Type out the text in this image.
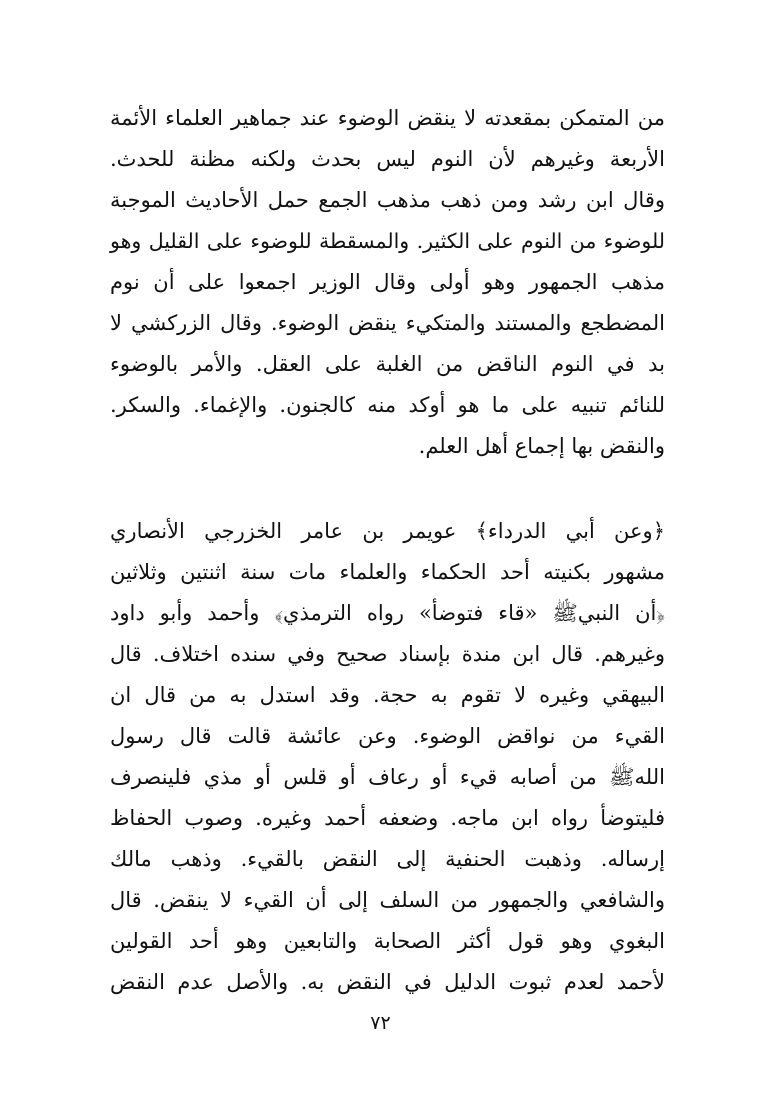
من المتمكن بمقعدته لا ينقض الوضوء عند جماهير العلماء الأئمة
الأربعة وغيرهم لأن النوم ليس بحدث ولكنه مظنة للحدث.
وقال ابن رشد ومن ذهب مذهب الجمع حمل الأحاديث الموجبة
للوضوء من النوم على الكثير. والمسقطة للوضوء على القليل وهو
مذهب الجمهور وهو أولى وقال الوزير اجمعوا على أن نوم
المضطجع والمستند والمتكيء ينقض الوضوء. وقال الزركشي لا
بد في النوم الناقض من الغلبة على العقل. والأمر بالوضوء
للنائم تنبيه على ما هو أوكد منه كالجنون. والإغماء. والسكر.
والنقض بها إجماع أهل العلم.
﴿وعن أبي الدرداء﴾ عويمر بن عامر الخزرجي الأنصاري
مشهور بكنيته أحد الحكماء والعلماء مات سنة اثنتين وثلاثين
﴿أن النبيﷺ «قاء فتوضأ» رواه الترمذي﴾ وأحمد وأبو داود
وغيرهم. قال ابن مندة بإسناد صحيح وفي سنده اختلاف. قال
البيهقي وغيره لا تقوم به حجة. وقد استدل به من قال ان
القيء من نواقض الوضوء. وعن عائشة قالت قال رسول
اللهﷺ من أصابه قيء أو رعاف أو قلس أو مذي فلينصرف
فليتوضأ رواه ابن ماجه. وضعفه أحمد وغيره. وصوب الحفاظ
إرساله. وذهبت الحنفية إلى النقض بالقيء. وذهب مالك
والشافعي والجمهور من السلف إلى أن القيء لا ينقض. قال
البغوي وهو قول أكثر الصحابة والتابعين وهو أحد القولين
لأحمد لعدم ثبوت الدليل في النقض به. والأصل عدم النقض
٧٢
